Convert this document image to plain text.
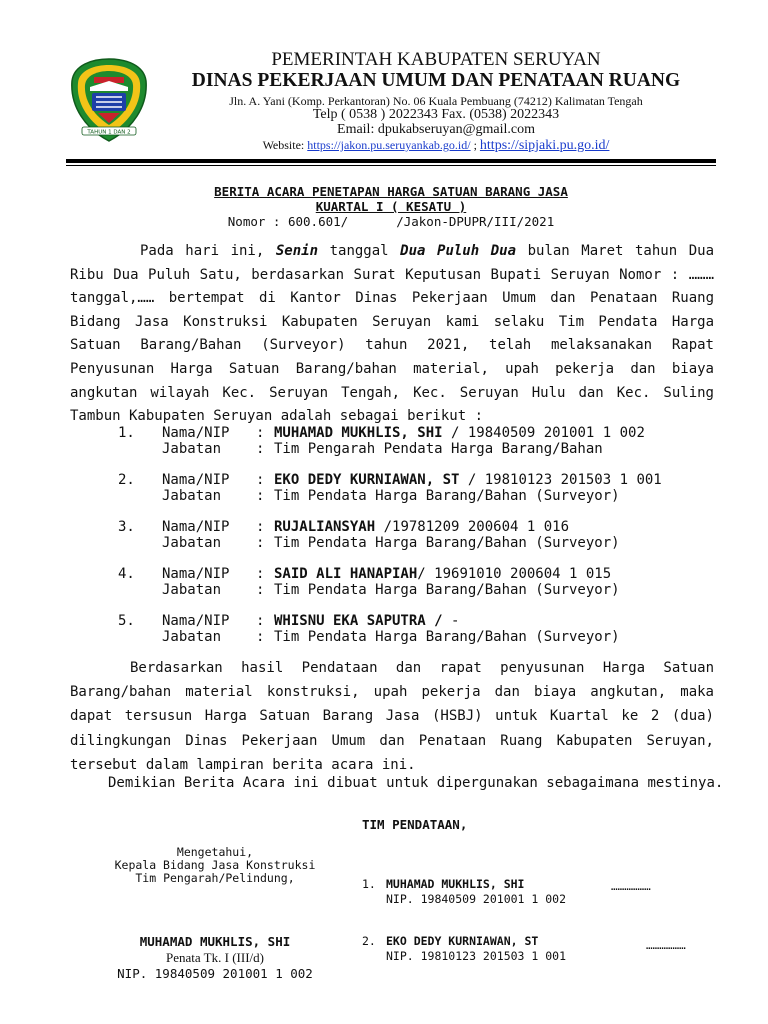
TAHUN 1 DAN 2
PEMERINTAH KABUPATEN SERUYAN
DINAS PEKERJAAN UMUM DAN PENATAAN RUANG
Jln. A. Yani (Komp. Perkantoran) No. 06 Kuala Pembuang (74212) Kalimatan Tengah
Telp ( 0538 ) 2022343 Fax. (0538) 2022343
Email: dpukabseruyan@gmail.com
Website: https://jakon.pu.seruyankab.go.id/ ; https://sipjaki.pu.go.id/
BERITA ACARA PENETAPAN HARGA SATUAN BARANG JASA
KUARTAL I ( KESATU )
Nomor : 600.601/	/Jakon-DPUPR/III/2021
Pada hari ini, Senin tanggal Dua Puluh Dua bulan Maret tahun Dua Ribu Dua Puluh Satu, berdasarkan Surat Keputusan Bupati Seruyan Nomor : ………tanggal,…… bertempat di Kantor Dinas Pekerjaan Umum dan Penataan Ruang Bidang Jasa Konstruksi Kabupaten Seruyan kami selaku Tim Pendata Harga Satuan Barang/Bahan (Surveyor) tahun 2021, telah melaksanakan Rapat Penyusunan Harga Satuan Barang/bahan material, upah pekerja dan biaya angkutan wilayah Kec. Seruyan Tengah, Kec. Seruyan Hulu dan Kec. Suling Tambun Kabupaten Seruyan adalah sebagai berikut :
1.	Nama/NIP	: MUHAMAD MUKHLIS, SHI / 19840509 201001 1 002
Jabatan	: Tim Pengarah Pendata Harga Barang/Bahan
2.	Nama/NIP	: EKO DEDY KURNIAWAN, ST / 19810123 201503 1 001
Jabatan	: Tim Pendata Harga Barang/Bahan (Surveyor)
3.	Nama/NIP	: RUJALIANSYAH /19781209 200604 1 016
Jabatan	: Tim Pendata Harga Barang/Bahan (Surveyor)
4.	Nama/NIP	: SAID ALI HANAPIAH/ 19691010 200604 1 015
Jabatan	: Tim Pendata Harga Barang/Bahan (Surveyor)
5.	Nama/NIP	: WHISNU EKA SAPUTRA / -
Jabatan	: Tim Pendata Harga Barang/Bahan (Surveyor)
Berdasarkan hasil Pendataan dan rapat penyusunan Harga Satuan Barang/bahan material konstruksi, upah pekerja dan biaya angkutan, maka dapat tersusun Harga Satuan Barang Jasa (HSBJ) untuk Kuartal ke 2 (dua) dilingkungan Dinas Pekerjaan Umum dan Penataan Ruang Kabupaten Seruyan, tersebut dalam lampiran berita acara ini.
Demikian Berita Acara ini dibuat untuk dipergunakan sebagaimana mestinya.
TIM PENDATAAN,
Mengetahui,
Kepala Bidang Jasa Konstruksi
Tim Pengarah/Pelindung,
MUHAMAD MUKHLIS, SHI
Penata Tk. I (III/d)
NIP. 19840509 201001 1 002
1. MUHAMAD MUKHLIS, SHI
NIP. 19840509 201001 1 002
………………
2. EKO DEDY KURNIAWAN, ST
NIP. 19810123 201503 1 001
………………
